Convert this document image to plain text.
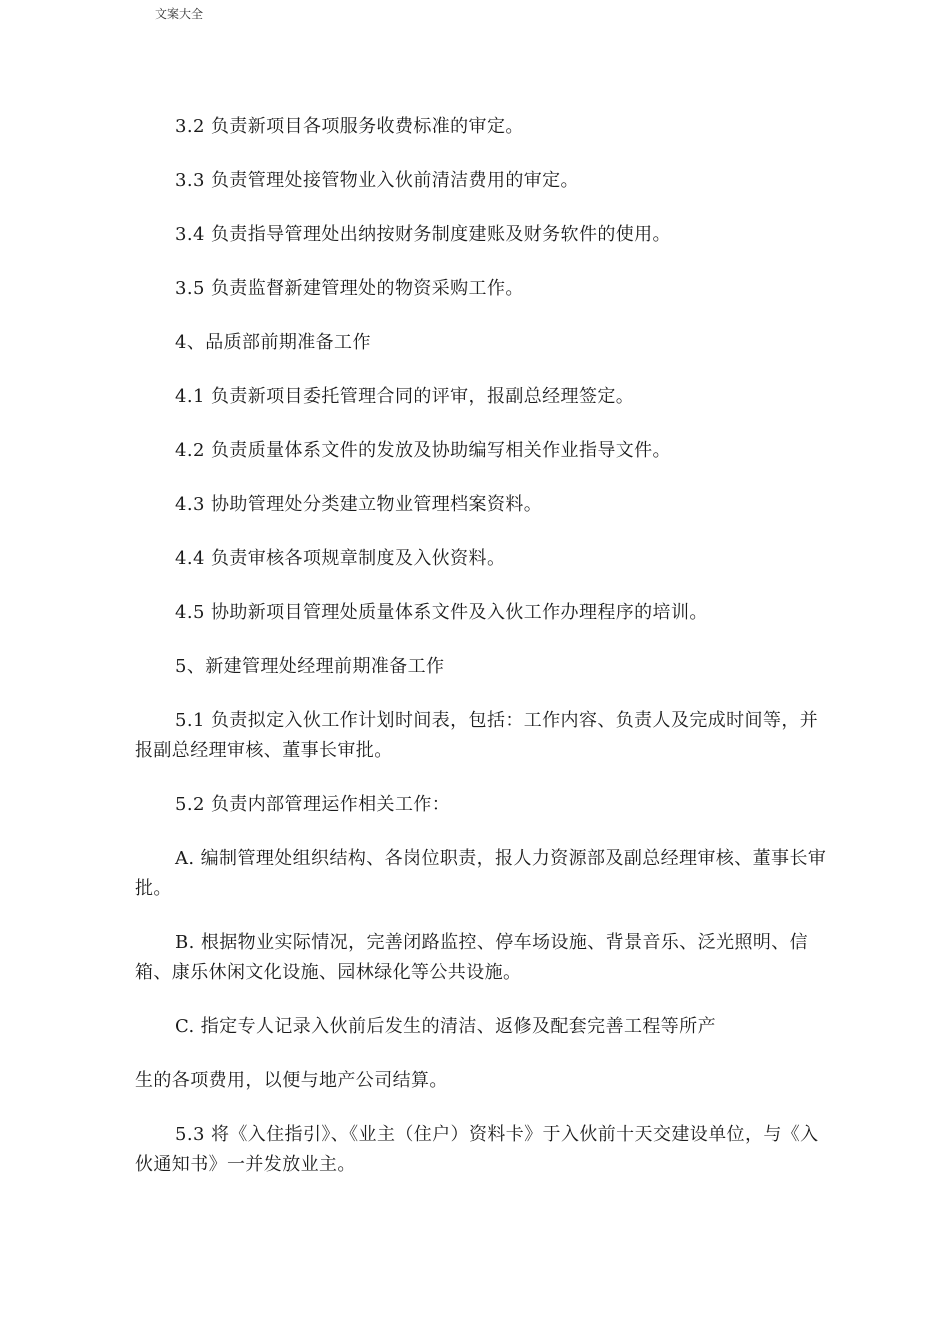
文案大全

3.2 负责新项目各项服务收费标准的审定。

3.3 负责管理处接管物业入伙前清洁费用的审定。

3.4 负责指导管理处出纳按财务制度建账及财务软件的使用。

3.5 负责监督新建管理处的物资采购工作。

4、品质部前期准备工作

4.1 负责新项目委托管理合同的评审，报副总经理签定。

4.2 负责质量体系文件的发放及协助编写相关作业指导文件。

4.3 协助管理处分类建立物业管理档案资料。

4.4 负责审核各项规章制度及入伙资料。

4.5 协助新项目管理处质量体系文件及入伙工作办理程序的培训。

5、新建管理处经理前期准备工作

5.1 负责拟定入伙工作计划时间表，包括：工作内容、负责人及完成时间等，并报副总经理审核、董事长审批。

5.2 负责内部管理运作相关工作：

A. 编制管理处组织结构、各岗位职责，报人力资源部及副总经理审核、董事长审批。

B. 根据物业实际情况，完善闭路监控、停车场设施、背景音乐、泛光照明、信箱、康乐休闲文化设施、园林绿化等公共设施。

C. 指定专人记录入伙前后发生的清洁、返修及配套完善工程等所产

生的各项费用，以便与地产公司结算。

5.3 将《入住指引》、《业主（住户）资料卡》于入伙前十天交建设单位，与《入伙通知书》一并发放业主。
